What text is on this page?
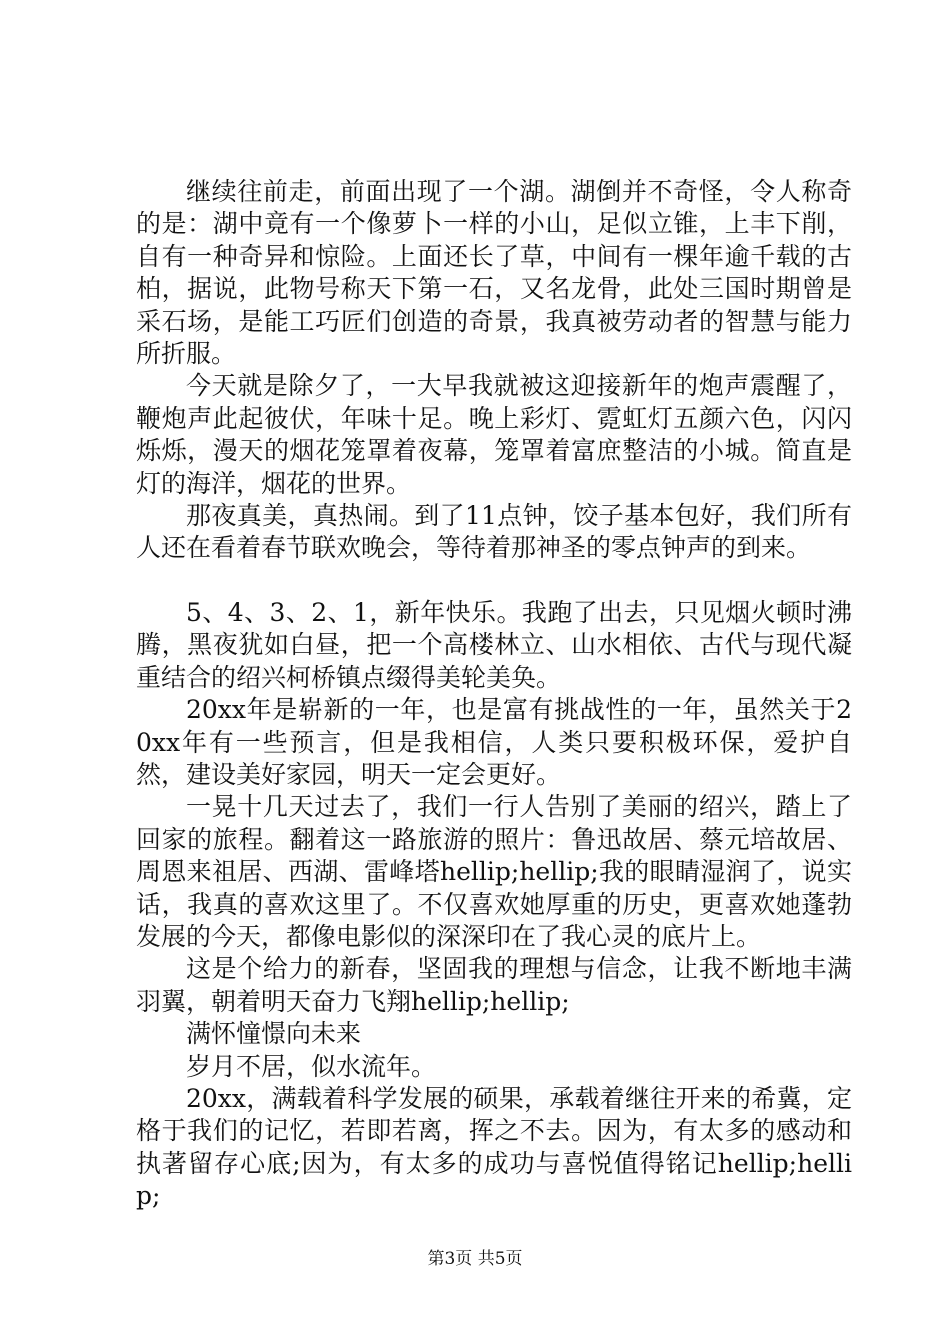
继续往前走，前面出现了一个湖。湖倒并不奇怪，令人称奇的是：湖中竟有一个像萝卜一样的小山，足似立锥，上丰下削，自有一种奇异和惊险。上面还长了草，中间有一棵年逾千载的古柏，据说，此物号称天下第一石，又名龙骨，此处三国时期曾是采石场，是能工巧匠们创造的奇景，我真被劳动者的智慧与能力所折服。

今天就是除夕了，一大早我就被这迎接新年的炮声震醒了，鞭炮声此起彼伏，年味十足。晚上彩灯、霓虹灯五颜六色，闪闪烁烁，漫天的烟花笼罩着夜幕，笼罩着富庶整洁的小城。简直是灯的海洋，烟花的世界。

那夜真美，真热闹。到了11点钟，饺子基本包好，我们所有人还在看着春节联欢晚会，等待着那神圣的零点钟声的到来。

5、4、3、2、1，新年快乐。我跑了出去，只见烟火顿时沸腾，黑夜犹如白昼，把一个高楼林立、山水相依、古代与现代凝重结合的绍兴柯桥镇点缀得美轮美奂。

20xx年是崭新的一年，也是富有挑战性的一年，虽然关于20xx年有一些预言，但是我相信，人类只要积极环保，爱护自然，建设美好家园，明天一定会更好。

一晃十几天过去了，我们一行人告别了美丽的绍兴，踏上了回家的旅程。翻着这一路旅游的照片：鲁迅故居、蔡元培故居、周恩来祖居、西湖、雷峰塔hellip;hellip;我的眼睛湿润了，说实话，我真的喜欢这里了。不仅喜欢她厚重的历史，更喜欢她蓬勃发展的今天，都像电影似的深深印在了我心灵的底片上。

这是个给力的新春，坚固我的理想与信念，让我不断地丰满羽翼，朝着明天奋力飞翔hellip;hellip;

满怀憧憬向未来

岁月不居，似水流年。

20xx，满载着科学发展的硕果，承载着继往开来的希冀，定格于我们的记忆，若即若离，挥之不去。因为，有太多的感动和执著留存心底;因为，有太多的成功与喜悦值得铭记hellip;hellip;

第3页 共5页
